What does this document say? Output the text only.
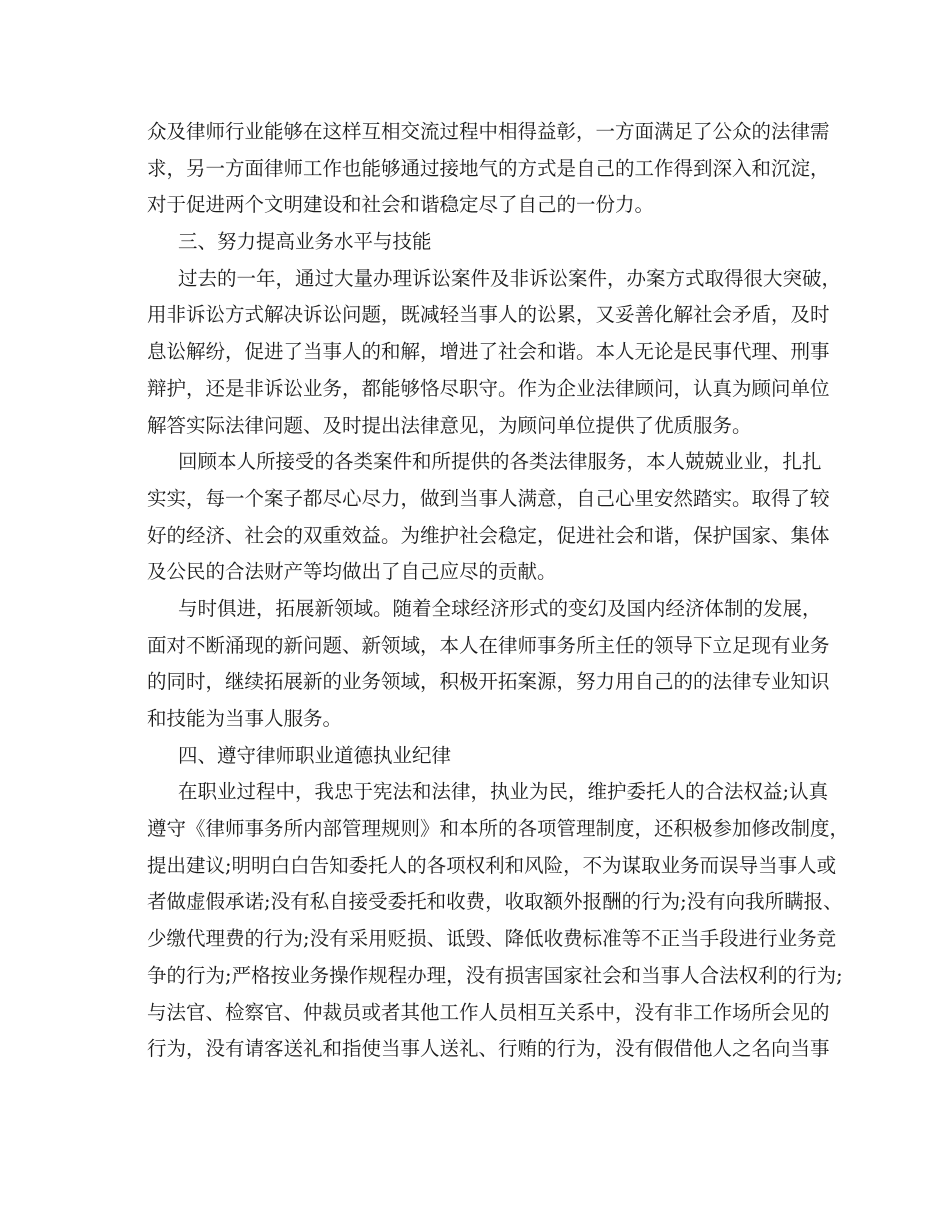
众及律师行业能够在这样互相交流过程中相得益彰，一方面满足了公众的法律需
求，另一方面律师工作也能够通过接地气的方式是自己的工作得到深入和沉淀，
对于促进两个文明建设和社会和谐稳定尽了自己的一份力。
三、努力提高业务水平与技能
过去的一年，通过大量办理诉讼案件及非诉讼案件，办案方式取得很大突破，
用非诉讼方式解决诉讼问题，既减轻当事人的讼累，又妥善化解社会矛盾，及时
息讼解纷，促进了当事人的和解，增进了社会和谐。本人无论是民事代理、刑事
辩护，还是非诉讼业务，都能够恪尽职守。作为企业法律顾问，认真为顾问单位
解答实际法律问题、及时提出法律意见，为顾问单位提供了优质服务。
回顾本人所接受的各类案件和所提供的各类法律服务，本人兢兢业业，扎扎
实实，每一个案子都尽心尽力，做到当事人满意，自己心里安然踏实。取得了较
好的经济、社会的双重效益。为维护社会稳定，促进社会和谐，保护国家、集体
及公民的合法财产等均做出了自己应尽的贡献。
与时俱进，拓展新领域。随着全球经济形式的变幻及国内经济体制的发展，
面对不断涌现的新问题、新领域，本人在律师事务所主任的领导下立足现有业务
的同时，继续拓展新的业务领域，积极开拓案源，努力用自己的的法律专业知识
和技能为当事人服务。
四、遵守律师职业道德执业纪律
在职业过程中，我忠于宪法和法律，执业为民，维护委托人的合法权益;认真
遵守《律师事务所内部管理规则》和本所的各项管理制度，还积极参加修改制度，
提出建议;明明白白告知委托人的各项权利和风险，不为谋取业务而误导当事人或
者做虚假承诺;没有私自接受委托和收费，收取额外报酬的行为;没有向我所瞒报、
少缴代理费的行为;没有采用贬损、诋毁、降低收费标准等不正当手段进行业务竞
争的行为;严格按业务操作规程办理，没有损害国家社会和当事人合法权利的行为;
与法官、检察官、仲裁员或者其他工作人员相互关系中，没有非工作场所会见的
行为，没有请客送礼和指使当事人送礼、行贿的行为，没有假借他人之名向当事
